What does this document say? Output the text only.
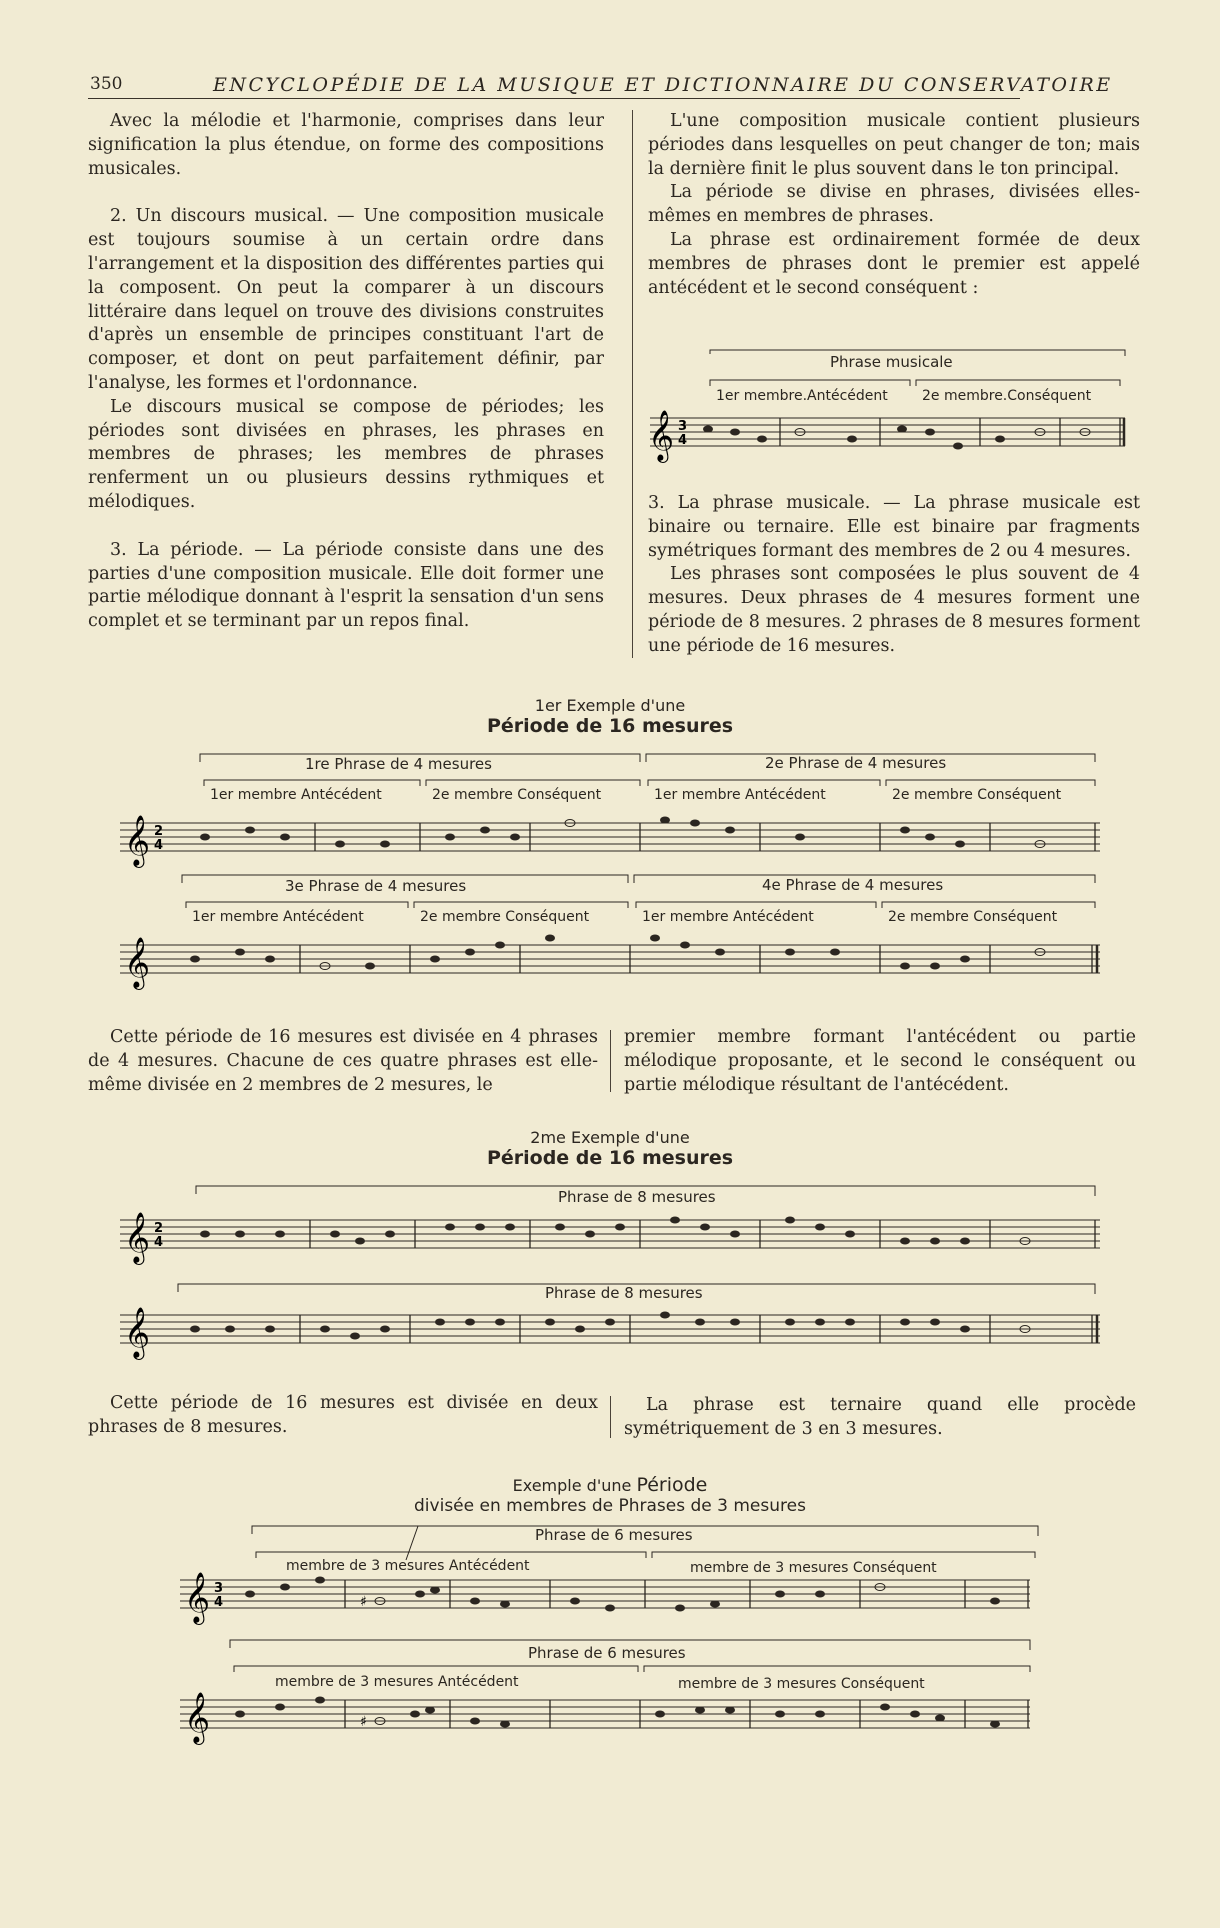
350	ENCYCLOPÉDIE DE LA MUSIQUE ET DICTIONNAIRE DU CONSERVATOIRE

Avec la mélodie et l'harmonie, comprises dans leur signification la plus étendue, on forme des compositions musicales.

2. Un discours musical. — Une composition musicale est toujours soumise à un certain ordre dans l'arrangement et la disposition des différentes parties qui la composent. On peut la comparer à un discours littéraire dans lequel on trouve des divisions construites d'après un ensemble de principes constituant l'art de composer, et dont on peut parfaitement définir, par l'analyse, les formes et l'ordonnance.

Le discours musical se compose de périodes; les périodes sont divisées en phrases, les phrases en membres de phrases; les membres de phrases renferment un ou plusieurs dessins rythmiques et mélodiques.

3. La période. — La période consiste dans une des parties d'une composition musicale. Elle doit former une partie mélodique donnant à l'esprit la sensation d'un sens complet et se terminant par un repos final.

L'une composition musicale contient plusieurs périodes dans lesquelles on peut changer de ton; mais la dernière finit le plus souvent dans le ton principal.

La période se divise en phrases, divisées elles-mêmes en membres de phrases.

La phrase est ordinairement formée de deux membres de phrases dont le premier est appelé antécédent et le second conséquent :

𝄞 3
4
Phrase musicale
1er membre.Antécédent 2e membre.Conséquent

3. La phrase musicale. — La phrase musicale est binaire ou ternaire. Elle est binaire par fragments symétriques formant des membres de 2 ou 4 mesures.

Les phrases sont composées le plus souvent de 4 mesures. Deux phrases de 4 mesures forment une période de 8 mesures. 2 phrases de 8 mesures forment une période de 16 mesures.

1er Exemple d'une
Période de 16 mesures
𝄞 2
4
𝄞
1re Phrase de 4 mesures	2e Phrase de 4 mesures
1er membre Antécédent	2e membre Conséquent	1er membre Antécédent	2e membre Conséquent
3e Phrase de 4 mesures	4e Phrase de 4 mesures
1er membre Antécédent	2e membre Conséquent	1er membre Antécédent	2e membre Conséquent

Cette période de 16 mesures est divisée en 4 phrases de 4 mesures. Chacune de ces quatre phrases est elle-même divisée en 2 membres de 2 mesures, le

premier membre formant l'antécédent ou partie mélodique proposante, et le second le conséquent ou partie mélodique résultant de l'antécédent.

2me Exemple d'une
Période de 16 mesures
𝄞 2
4
𝄞
Phrase de 8 mesures
Phrase de 8 mesures

Cette période de 16 mesures est divisée en deux phrases de 8 mesures.

La phrase est ternaire quand elle procède symétriquement de 3 en 3 mesures.

Exemple d'une Période
divisée en membres de Phrases de 3 mesures
𝄞 3
4
𝄞
♯
♯
Phrase de 6 mesures
membre de 3 mesures Antécédent	membre de 3 mesures Conséquent
Phrase de 6 mesures
membre de 3 mesures Antécédent	membre de 3 mesures Conséquent
